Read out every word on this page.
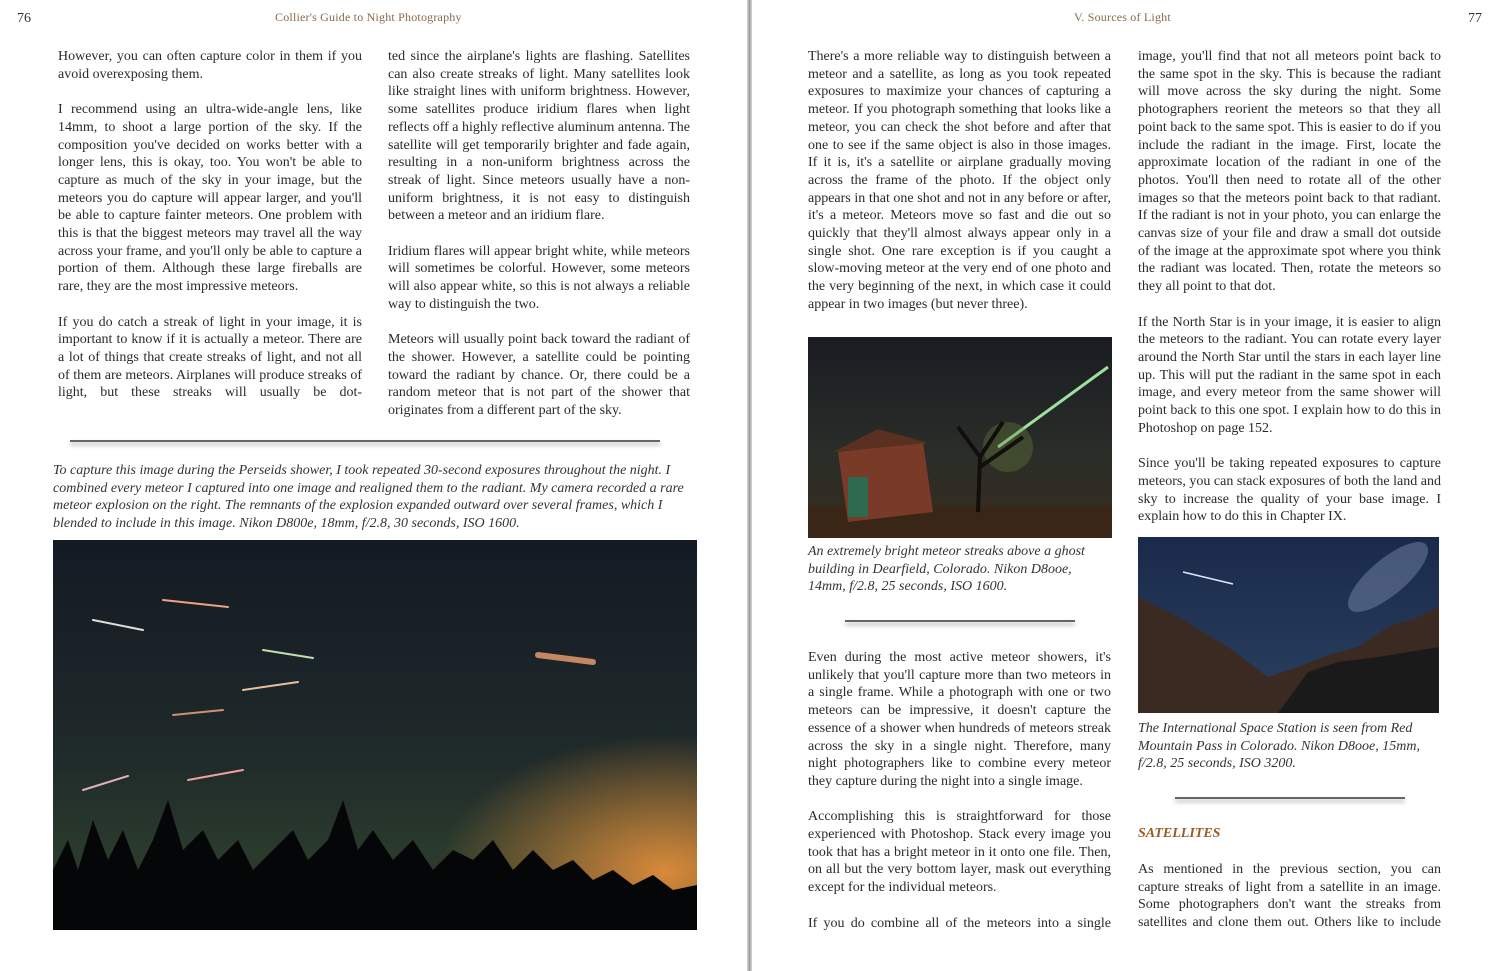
76	Collier's Guide to Night Photography

However, you can often capture color in them if you avoid overexposing them.

I recommend using an ultra-wide-angle lens, like 14mm, to shoot a large portion of the sky. If the composition you've decided on works better with a longer lens, this is okay, too. You won't be able to capture as much of the sky in your image, but the meteors you do capture will appear larger, and you'll be able to capture fainter meteors. One problem with this is that the biggest meteors may travel all the way across your frame, and you'll only be able to capture a portion of them. Although these large fireballs are rare, they are the most impressive meteors.

If you do catch a streak of light in your image, it is important to know if it is actually a meteor. There are a lot of things that create streaks of light, and not all of them are meteors. Airplanes will produce streaks of light, but these streaks will usually be dot-

ted since the airplane's lights are flashing. Satellites can also create streaks of light. Many satellites look like straight lines with uniform brightness. However, some satellites produce iridium flares when light reflects off a highly reflective aluminum antenna. The satellite will get temporarily brighter and fade again, resulting in a non-uniform brightness across the streak of light. Since meteors usually have a non-uniform brightness, it is not easy to distinguish between a meteor and an iridium flare.

Iridium flares will appear bright white, while meteors will sometimes be colorful. However, some meteors will also appear white, so this is not always a reliable way to distinguish the two.

Meteors will usually point back toward the radiant of the shower. However, a satellite could be pointing toward the radiant by chance. Or, there could be a random meteor that is not part of the shower that originates from a different part of the sky.

To capture this image during the Perseids shower, I took repeated 30-second exposures throughout the night. I combined every meteor I captured into one image and realigned them to the radiant. My camera recorded a rare meteor explosion on the right. The remnants of the explosion expanded outward over several frames, which I blended to include in this image. Nikon D800e, 18mm, f/2.8, 30 seconds, ISO 1600.
V. Sources of Light	77

There's a more reliable way to distinguish between a meteor and a satellite, as long as you took repeated exposures to maximize your chances of capturing a meteor. If you photograph something that looks like a meteor, you can check the shot before and after that one to see if the same object is also in those images. If it is, it's a satellite or airplane gradually moving across the frame of the photo. If the object only appears in that one shot and not in any before or after, it's a meteor. Meteors move so fast and die out so quickly that they'll almost always appear only in a single shot. One rare exception is if you caught a slow-moving meteor at the very end of one photo and the very beginning of the next, in which case it could appear in two images (but never three).

An extremely bright meteor streaks above a ghost building in Dearfield, Colorado. Nikon D8ooe, 14mm, f/2.8, 25 seconds, ISO 1600.

Even during the most active meteor showers, it's unlikely that you'll capture more than two meteors in a single frame. While a photograph with one or two meteors can be impressive, it doesn't capture the essence of a shower when hundreds of meteors streak across the sky in a single night. Therefore, many night photographers like to combine every meteor they capture during the night into a single image.

Accomplishing this is straightforward for those experienced with Photoshop. Stack every image you took that has a bright meteor in it onto one file. Then, on all but the very bottom layer, mask out everything except for the individual meteors.

If you do combine all of the meteors into a single

image, you'll find that not all meteors point back to the same spot in the sky. This is because the radiant will move across the sky during the night. Some photographers reorient the meteors so that they all point back to the same spot. This is easier to do if you include the radiant in the image. First, locate the approximate location of the radiant in one of the photos. You'll then need to rotate all of the other images so that the meteors point back to that radiant. If the radiant is not in your photo, you can enlarge the canvas size of your file and draw a small dot outside of the image at the approximate spot where you think the radiant was located. Then, rotate the meteors so they all point to that dot.

If the North Star is in your image, it is easier to align the meteors to the radiant. You can rotate every layer around the North Star until the stars in each layer line up. This will put the radiant in the same spot in each image, and every meteor from the same shower will point back to this one spot. I explain how to do this in Photoshop on page 152.

Since you'll be taking repeated exposures to capture meteors, you can stack exposures of both the land and sky to increase the quality of your base image. I explain how to do this in Chapter IX.

The International Space Station is seen from Red Mountain Pass in Colorado. Nikon D8ooe, 15mm, f/2.8, 25 seconds, ISO 3200.
SATELLITES

As mentioned in the previous section, you can capture streaks of light from a satellite in an image. Some photographers don't want the streaks from satellites and clone them out. Others like to include
